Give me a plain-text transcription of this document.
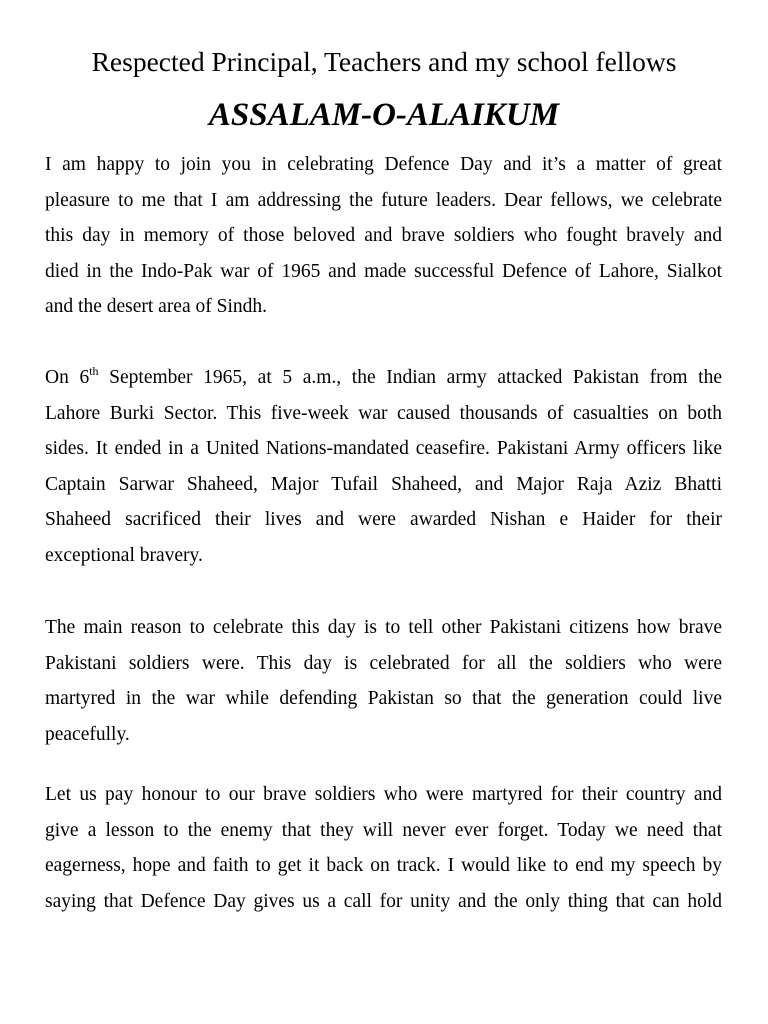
Respected Principal, Teachers and my school fellows
ASSALAM-O-ALAIKUM
I am happy to join you in celebrating Defence Day and it’s a matter of great
pleasure to me that I am addressing the future leaders. Dear fellows, we celebrate
this day in memory of those beloved and brave soldiers who fought bravely and
died in the Indo-Pak war of 1965 and made successful Defence of Lahore, Sialkot
and the desert area of Sindh.
On 6th September 1965, at 5 a.m., the Indian army attacked Pakistan from the
Lahore Burki Sector. This five-week war caused thousands of casualties on both
sides. It ended in a United Nations-mandated ceasefire. Pakistani Army officers like
Captain Sarwar Shaheed, Major Tufail Shaheed, and Major Raja Aziz Bhatti
Shaheed sacrificed their lives and were awarded Nishan e Haider for their
exceptional bravery.
The main reason to celebrate this day is to tell other Pakistani citizens how brave
Pakistani soldiers were. This day is celebrated for all the soldiers who were
martyred in the war while defending Pakistan so that the generation could live
peacefully.
Let us pay honour to our brave soldiers who were martyred for their country and
give a lesson to the enemy that they will never ever forget. Today we need that
eagerness, hope and faith to get it back on track. I would like to end my speech by
saying that Defence Day gives us a call for unity and the only thing that can hold
